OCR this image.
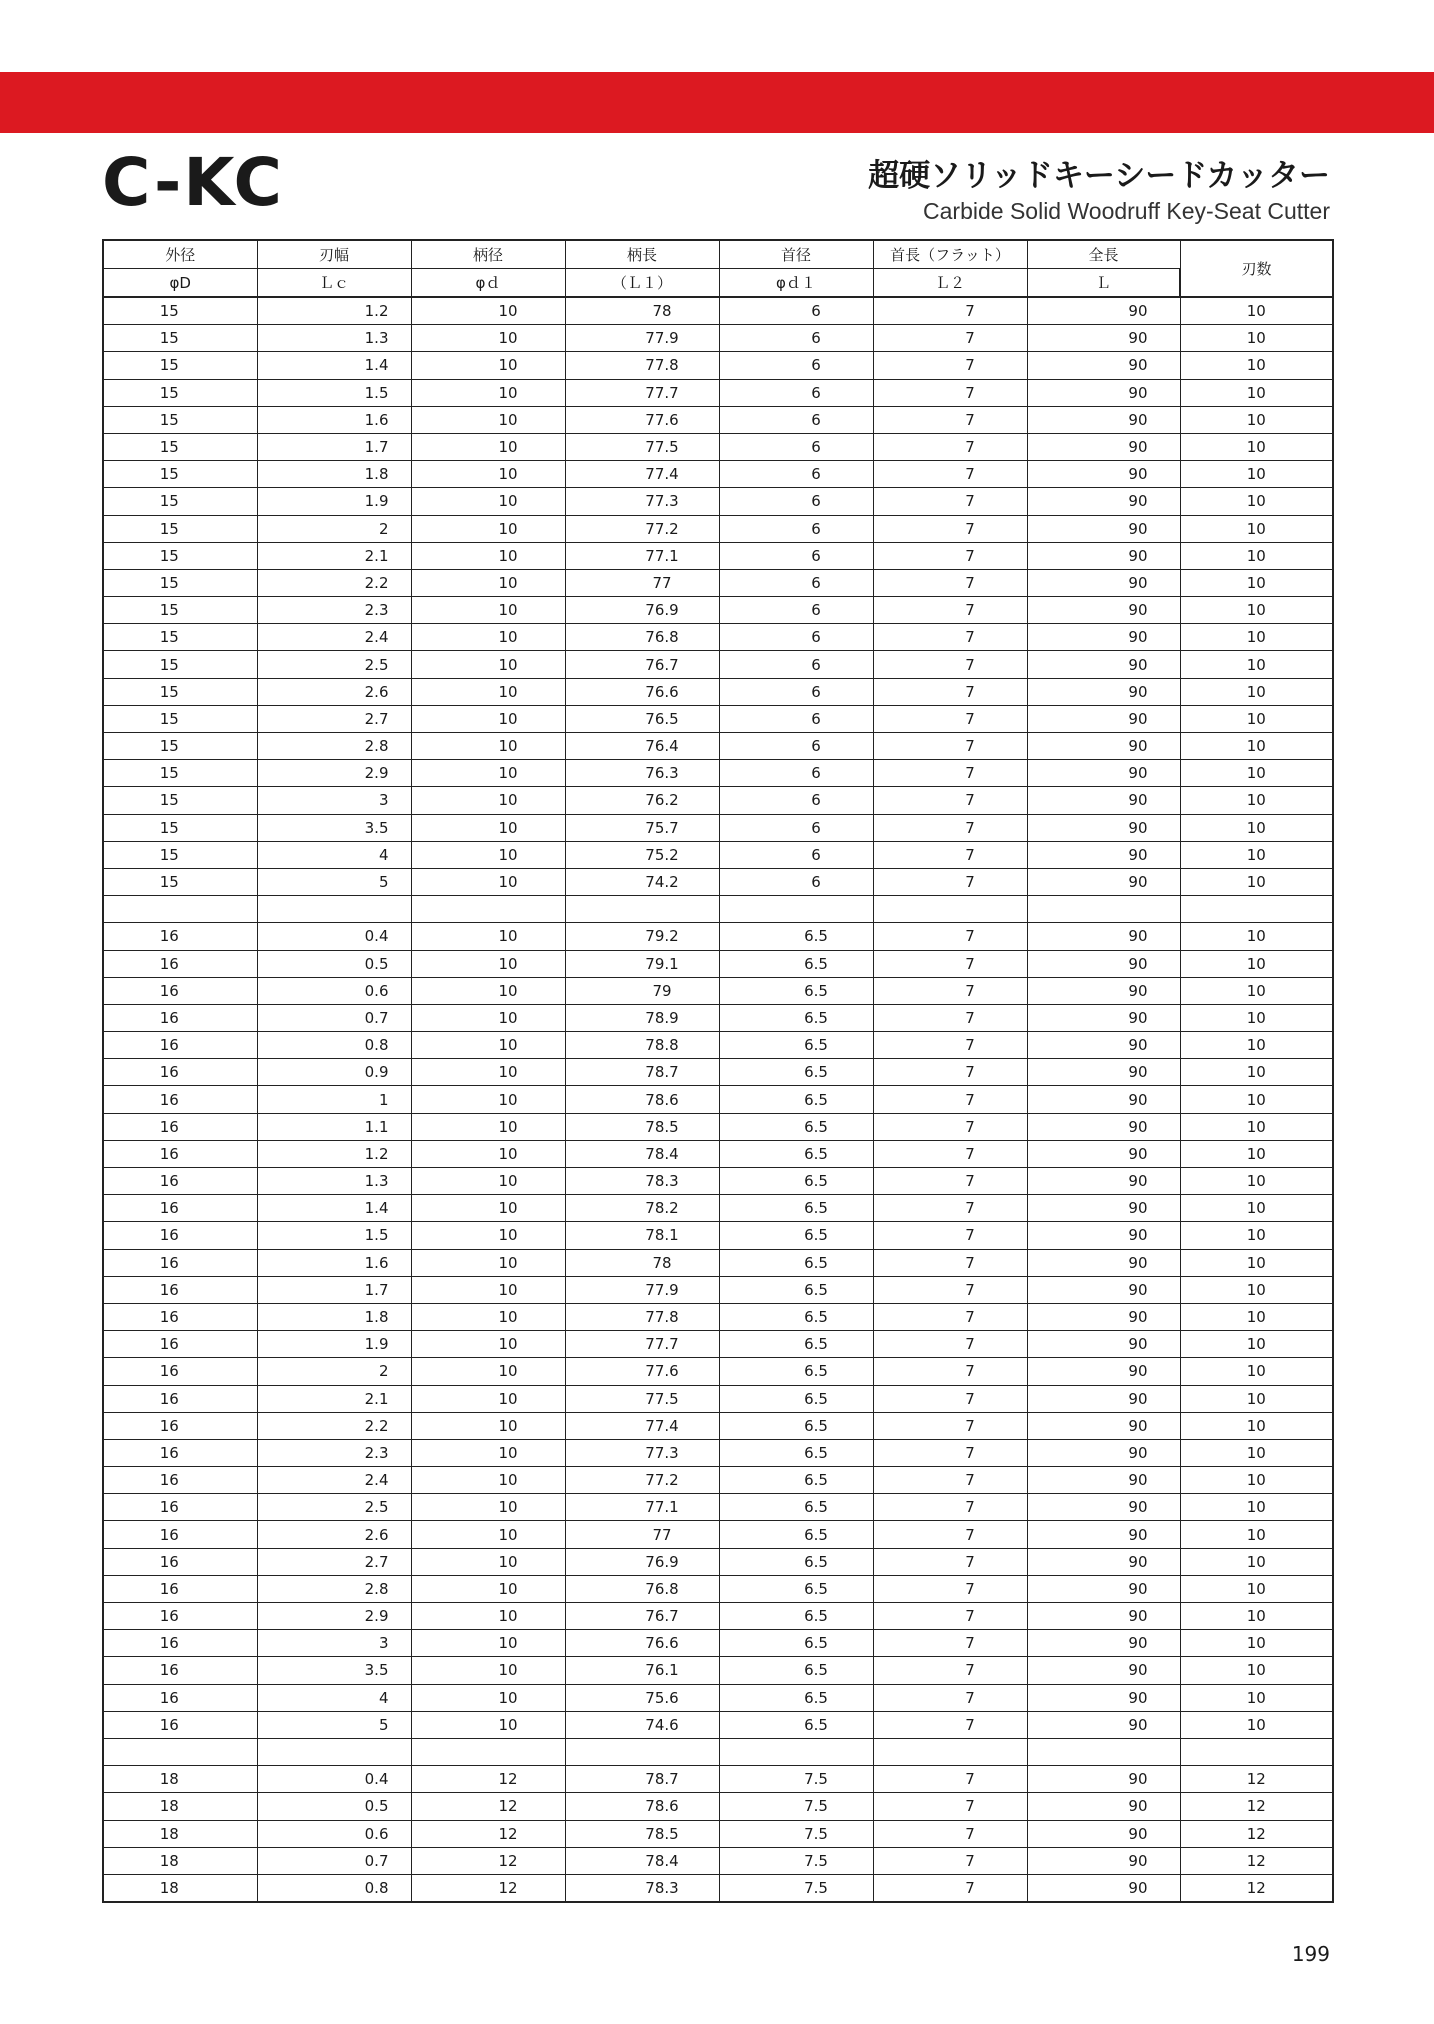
C-KC	超硬ソリッドキーシードカッター
Carbide Solid Woodruff Key-Seat Cutter
外径	刃幅	柄径	柄長	首径	首長（フラット）	全長	刃数
φD	Ｌｃ	φｄ	（Ｌ１）	φｄ１	Ｌ２	Ｌ	
15	1.2	10	78	6	7	90	10
15	1.3	10	77.9	6	7	90	10
15	1.4	10	77.8	6	7	90	10
15	1.5	10	77.7	6	7	90	10
15	1.6	10	77.6	6	7	90	10
15	1.7	10	77.5	6	7	90	10
15	1.8	10	77.4	6	7	90	10
15	1.9	10	77.3	6	7	90	10
15	2	10	77.2	6	7	90	10
15	2.1	10	77.1	6	7	90	10
15	2.2	10	77	6	7	90	10
15	2.3	10	76.9	6	7	90	10
15	2.4	10	76.8	6	7	90	10
15	2.5	10	76.7	6	7	90	10
15	2.6	10	76.6	6	7	90	10
15	2.7	10	76.5	6	7	90	10
15	2.8	10	76.4	6	7	90	10
15	2.9	10	76.3	6	7	90	10
15	3	10	76.2	6	7	90	10
15	3.5	10	75.7	6	7	90	10
15	4	10	75.2	6	7	90	10
15	5	10	74.2	6	7	90	10

16	0.4	10	79.2	6.5	7	90	10
16	0.5	10	79.1	6.5	7	90	10
16	0.6	10	79	6.5	7	90	10
16	0.7	10	78.9	6.5	7	90	10
16	0.8	10	78.8	6.5	7	90	10
16	0.9	10	78.7	6.5	7	90	10
16	1	10	78.6	6.5	7	90	10
16	1.1	10	78.5	6.5	7	90	10
16	1.2	10	78.4	6.5	7	90	10
16	1.3	10	78.3	6.5	7	90	10
16	1.4	10	78.2	6.5	7	90	10
16	1.5	10	78.1	6.5	7	90	10
16	1.6	10	78	6.5	7	90	10
16	1.7	10	77.9	6.5	7	90	10
16	1.8	10	77.8	6.5	7	90	10
16	1.9	10	77.7	6.5	7	90	10
16	2	10	77.6	6.5	7	90	10
16	2.1	10	77.5	6.5	7	90	10
16	2.2	10	77.4	6.5	7	90	10
16	2.3	10	77.3	6.5	7	90	10
16	2.4	10	77.2	6.5	7	90	10
16	2.5	10	77.1	6.5	7	90	10
16	2.6	10	77	6.5	7	90	10
16	2.7	10	76.9	6.5	7	90	10
16	2.8	10	76.8	6.5	7	90	10
16	2.9	10	76.7	6.5	7	90	10
16	3	10	76.6	6.5	7	90	10
16	3.5	10	76.1	6.5	7	90	10
16	4	10	75.6	6.5	7	90	10
16	5	10	74.6	6.5	7	90	10

18	0.4	12	78.7	7.5	7	90	12
18	0.5	12	78.6	7.5	7	90	12
18	0.6	12	78.5	7.5	7	90	12
18	0.7	12	78.4	7.5	7	90	12
18	0.8	12	78.3	7.5	7	90	12
199
